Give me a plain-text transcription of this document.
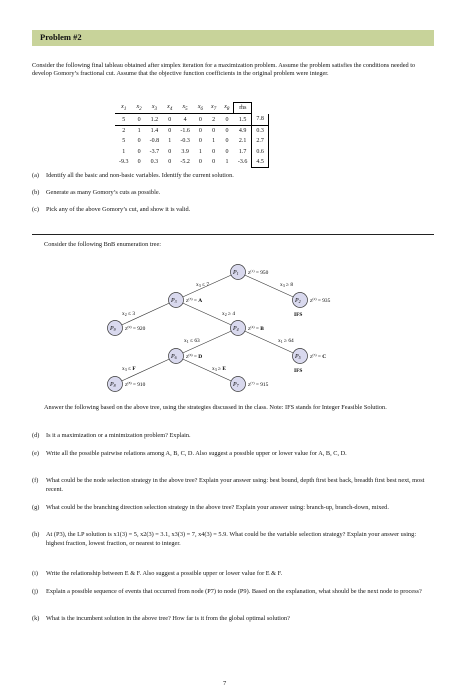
Problem #2
Consider the following final tableau obtained after simplex iteration for a maximization problem. Assume the problem satisfies the conditions needed to develop Gomory’s fractional cut. Assume that the objective function coefficients in the original problem were integer.
$x_1$	$x_2$	$x_3$	$x_4$	$x_5$	$x_6$	$x_7$	$x_8$	rhs	
5	0	1.2	0	4	0	2	0	1.5	7.8
2	1	1.4	0	-1.6	0	0	0	4.9	0.3
5	0	-0.8	1	-0.3	0	1	0	2.1	2.7
1	0	-3.7	0	3.9	1	0	0	1.7	0.6
-9.3	0	0.3	0	-5.2	0	0	1	-3.6	4.5
(a) Identify all the basic and non-basic variables. Identify the current solution.
(b) Generate as many Gomory’s cuts as possible.
(c) Pick any of the above Gomory’s cut, and show it is valid.
Consider the following BnB enumeration tree:
x3 ≤ 7	x3 ≥ 8
x2 ≤ 3	x2 ≥ 4
x1 ≤ 63	x1 ≥ 64
x3 ≤ F	x3 ≥ E
P1 $z^{(1)} = 950$
P3 $z^{(3)} = A$	P2 $z^{(2)} = 935$
IFS
P9 $z^{(9)} = 920$	P4 $z^{(4)} = B$
P6 $z^{(6)} = D$	P5 $z^{(5)} = C$
IFS
P8 $z^{(8)} = 910$	P7 $z^{(7)} = 915$
Answer the following based on the above tree, using the strategies discussed in the class. Note: IFS stands for Integer Feasible Solution.
(d) Is it a maximization or a minimization problem? Explain.
(e) Write all the possible pairwise relations among A, B, C, D. Also suggest a possible upper or lower value for A, B, C, D.
(f) What could be the node selection strategy in the above tree? Explain your answer using: best bound, depth first best back, breadth first best next, most recent.
(g) What could be the branching direction selection strategy in the above tree? Explain your answer using: branch-up, branch-down, mixed.
(h) At (P3), the LP solution is x1(3) = 5, x2(3) = 3.1, x3(3) = 7, x4(3) = 5.9. What could be the variable selection strategy? Explain your answer using: highest fraction, lowest fraction, or nearest to integer.
(i) Write the relationship between E & F. Also suggest a possible upper or lower value for E & F.
(j) Explain a possible sequence of events that occurred from node (P7) to node (P9). Based on the explanation, what should be the next node to process?
(k) What is the incumbent solution in the above tree? How far is it from the global optimal solution?
7
